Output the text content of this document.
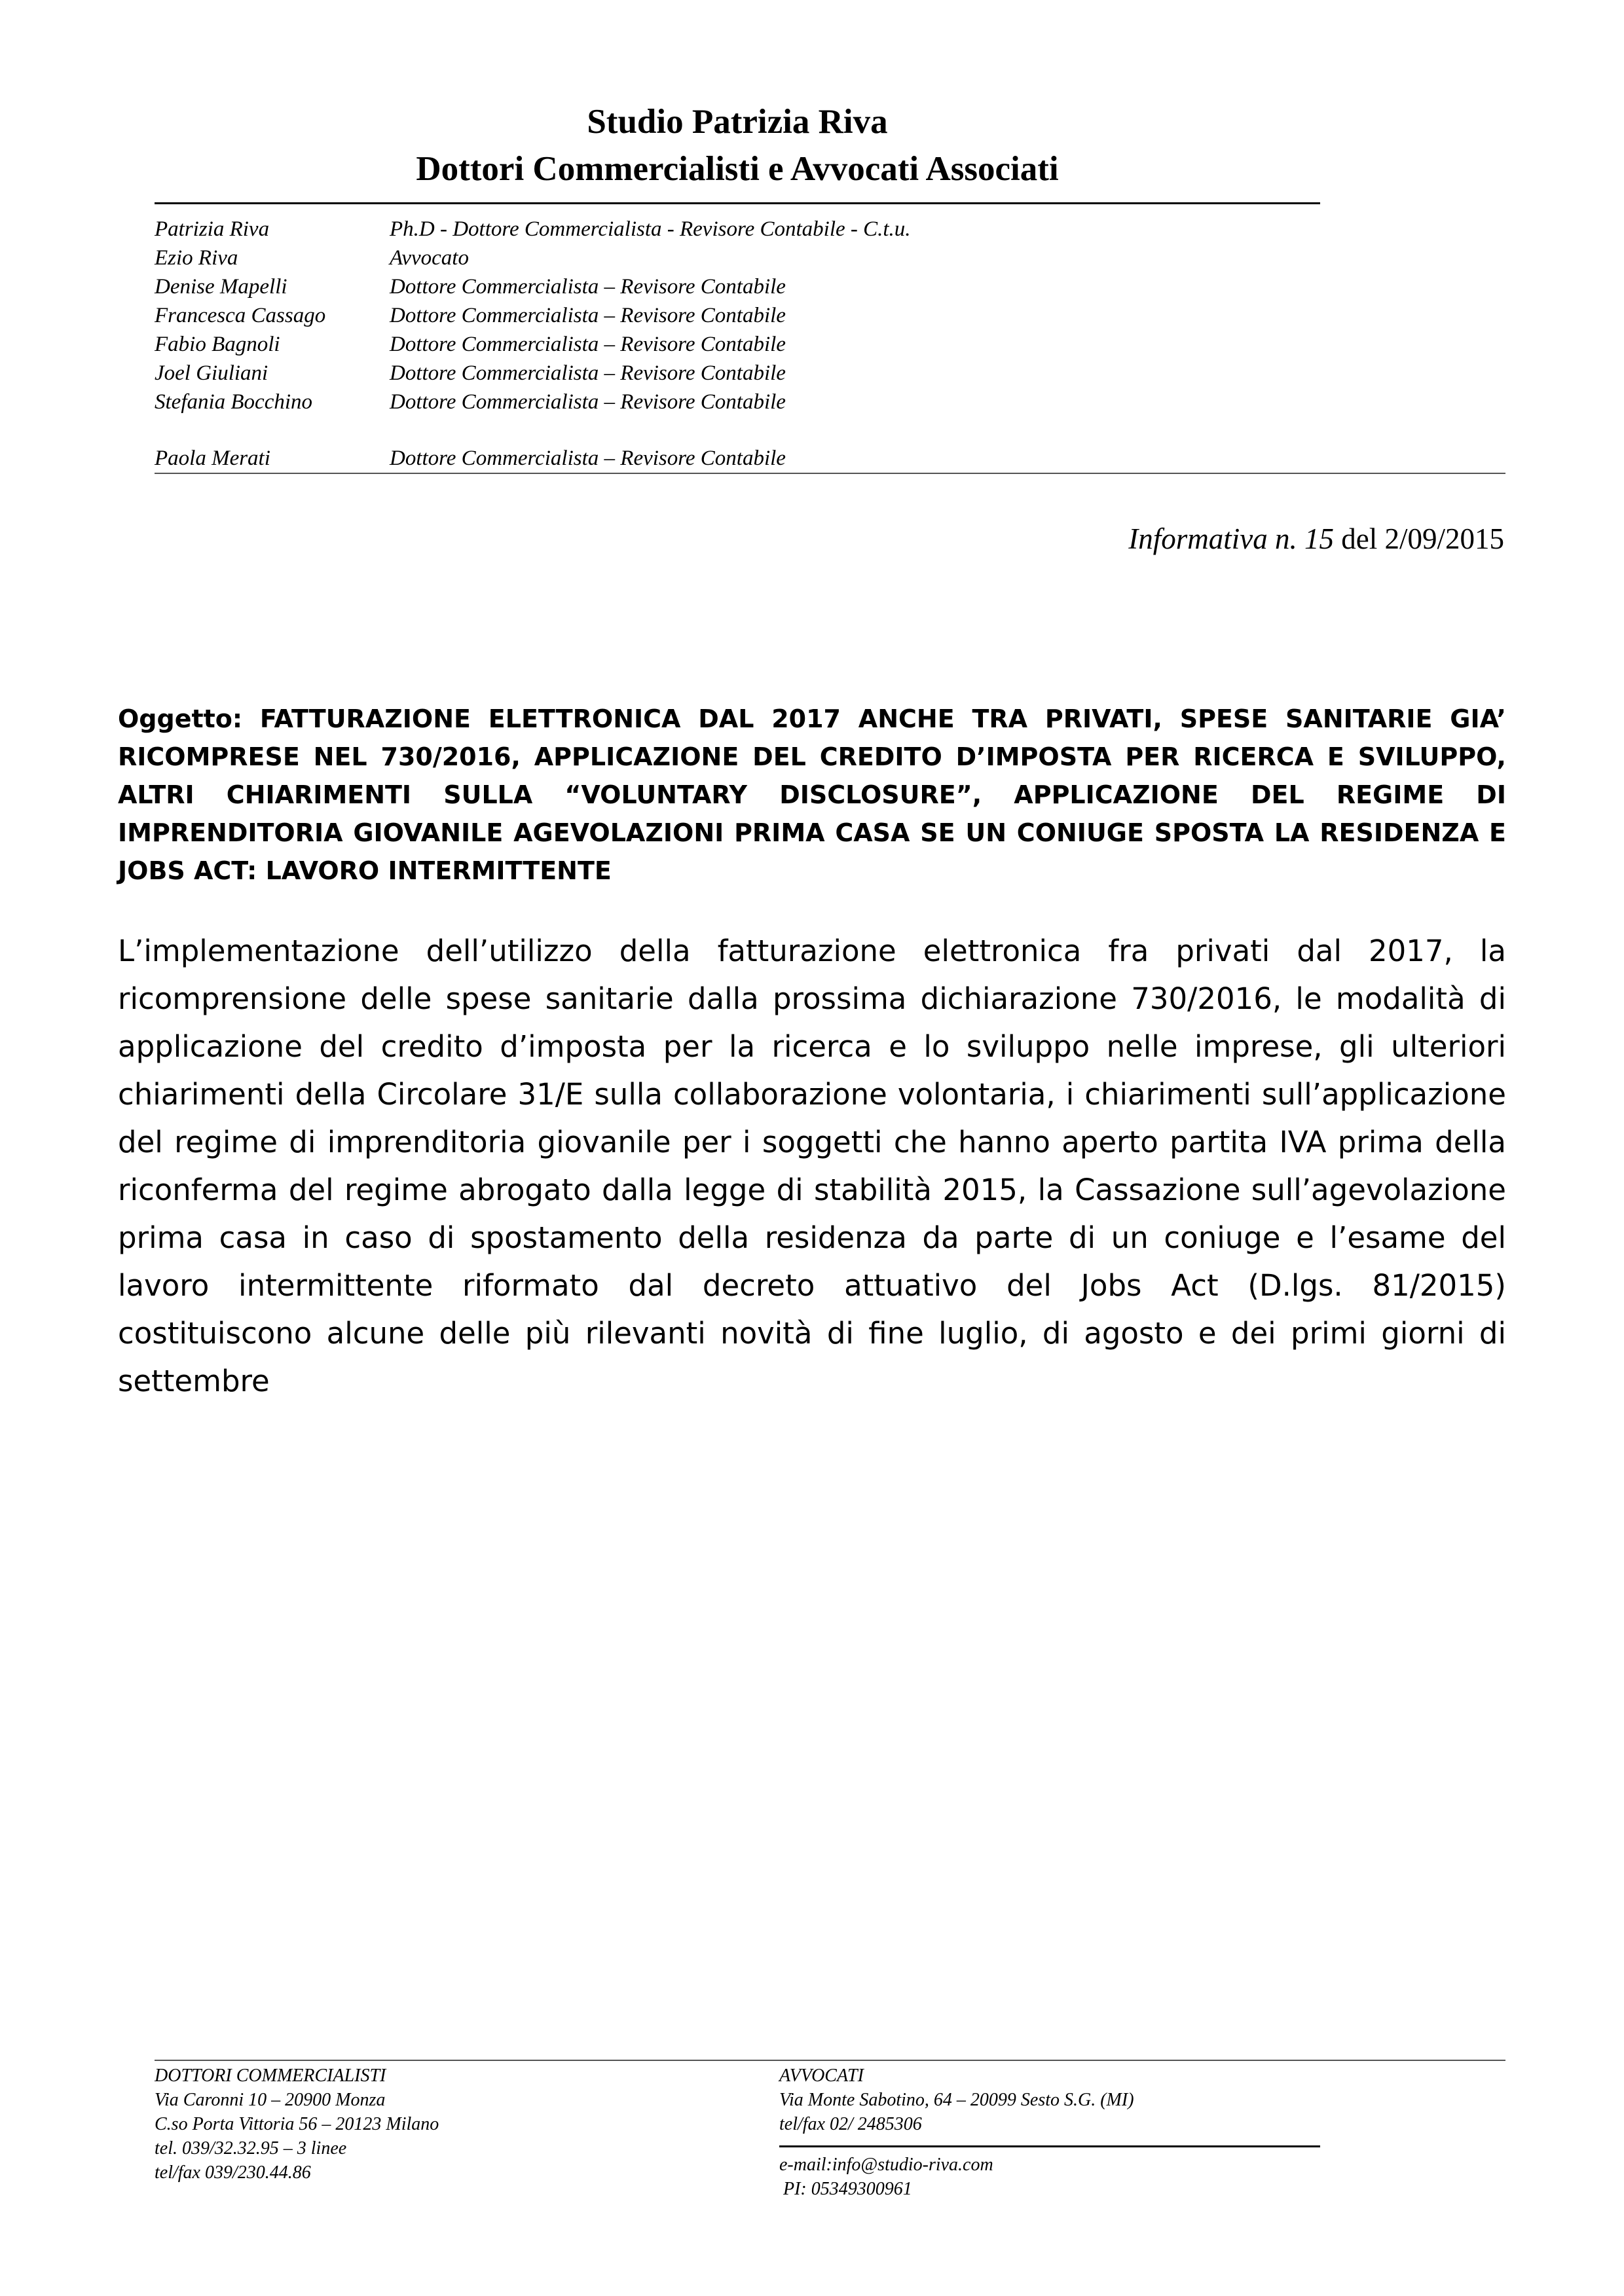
Studio Patrizia Riva
Dottori Commercialisti e Avvocati Associati
Patrizia Riva	Ph.D - Dottore Commercialista - Revisore Contabile - C.t.u.
Ezio Riva	Avvocato
Denise Mapelli	Dottore Commercialista – Revisore Contabile
Francesca Cassago	Dottore Commercialista – Revisore Contabile
Fabio Bagnoli	Dottore Commercialista – Revisore Contabile
Joel Giuliani	Dottore Commercialista – Revisore Contabile
Stefania Bocchino	Dottore Commercialista – Revisore Contabile
Paola Merati	Dottore Commercialista – Revisore Contabile
Informativa n. 15 del 2/09/2015
Oggetto: FATTURAZIONE ELETTRONICA DAL 2017 ANCHE TRA PRIVATI, SPESE SANITARIE GIA’ RICOMPRESE NEL 730/2016, APPLICAZIONE DEL CREDITO D’IMPOSTA PER RICERCA E SVILUPPO, ALTRI CHIARIMENTI SULLA “VOLUNTARY DISCLOSURE”, APPLICAZIONE DEL REGIME DI IMPRENDITORIA GIOVANILE AGEVOLAZIONI PRIMA CASA SE UN CONIUGE SPOSTA LA RESIDENZA E JOBS ACT: LAVORO INTERMITTENTE
L’implementazione dell’utilizzo della fatturazione elettronica fra privati dal 2017, la ricomprensione delle spese sanitarie dalla prossima dichiarazione 730/2016, le modalità di applicazione del credito d’imposta per la ricerca e lo sviluppo nelle imprese, gli ulteriori chiarimenti della Circolare 31/E sulla collaborazione volontaria, i chiarimenti sull’applicazione del regime di imprenditoria giovanile per i soggetti che hanno aperto partita IVA prima della riconferma del regime abrogato dalla legge di stabilità 2015, la Cassazione sull’agevolazione prima casa in caso di spostamento della residenza da parte di un coniuge e l’esame del lavoro intermittente riformato dal decreto attuativo del Jobs Act (D.lgs. 81/2015) costituiscono alcune delle più rilevanti novità di fine luglio, di agosto e dei primi giorni di settembre
DOTTORI COMMERCIALISTI
Via Caronni 10 – 20900 Monza
C.so Porta Vittoria 56 – 20123 Milano
tel. 039/32.32.95 – 3 linee
tel/fax 039/230.44.86
AVVOCATI
Via Monte Sabotino, 64 – 20099 Sesto S.G. (MI)
tel/fax 02/ 2485306
e-mail:info@studio-riva.com
PI: 05349300961
